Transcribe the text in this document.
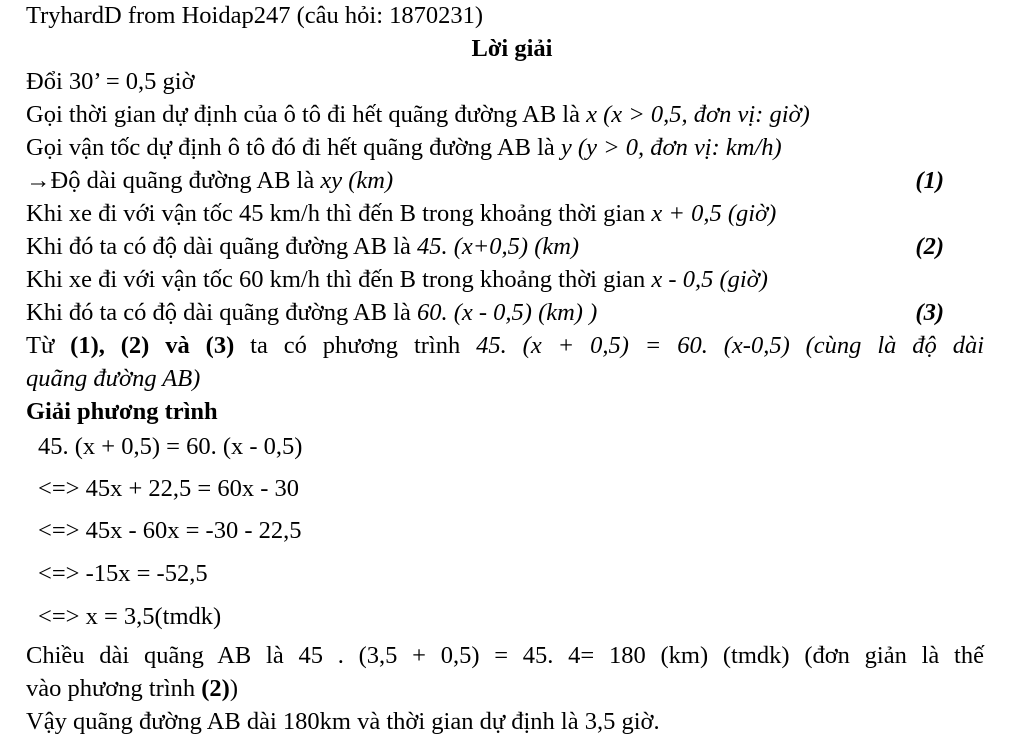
TryhardD from Hoidap247 (câu hỏi: 1870231)
Lời giải
Đổi 30’ = 0,5 giờ
Gọi thời gian dự định của ô tô đi hết quãng đường AB là x (x > 0,5, đơn vị: giờ)
Gọi vận tốc dự định ô tô đó đi hết quãng đường AB là y (y > 0, đơn vị: km/h)
→Độ dài quãng đường AB là xy (km)	(1)
Khi xe đi với vận tốc 45 km/h thì đến B trong khoảng thời gian x + 0,5 (giờ)
Khi đó ta có độ dài quãng đường AB là 45. (x+0,5) (km)	(2)
Khi xe đi với vận tốc 60 km/h thì đến B trong khoảng thời gian x - 0,5 (giờ)
Khi đó ta có độ dài quãng đường AB là 60. (x - 0,5) (km) )	(3)
Từ (1), (2) và (3) ta có phương trình 45. (x + 0,5) = 60. (x-0,5) (cùng là độ dài
quãng đường AB)
Giải phương trình
45. (x + 0,5) = 60. (x - 0,5)
<=> 45x + 22,5 = 60x - 30
<=> 45x - 60x = -30 - 22,5
<=> -15x = -52,5
<=> x = 3,5(tmdk)
Chiều dài quãng AB là 45 . (3,5 + 0,5) = 45. 4= 180 (km) (tmdk) (đơn giản là thế
vào phương trình (2))
Vậy quãng đường AB dài 180km và thời gian dự định là 3,5 giờ.
